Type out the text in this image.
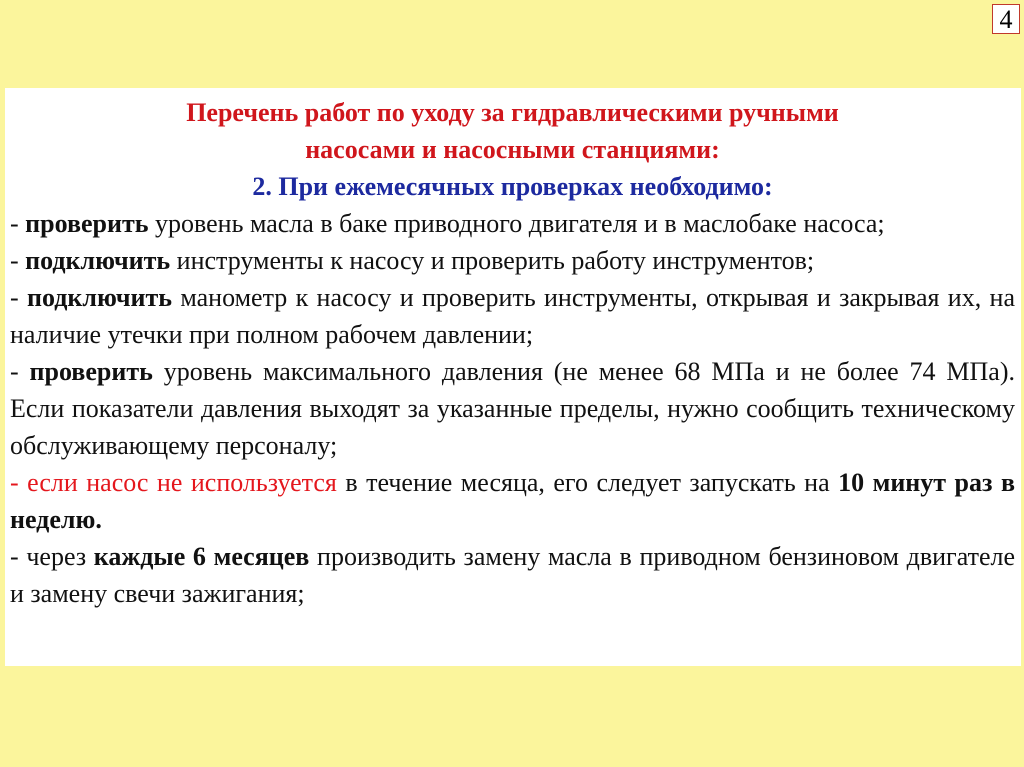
4

Перечень работ по уходу за гидравлическими ручными

насосами и насосными станциями:

2. При ежемесячных проверках необходимо:

- проверить уровень масла в баке приводного двигателя и в маслобаке насоса;

- подключить инструменты к насосу и проверить работу инструментов;

- подключить манометр к насосу и проверить инструменты, открывая и закрывая их, на наличие утечки при полном рабочем давлении;

- проверить уровень максимального давления (не менее 68 МПа и не более 74 МПа). Если показатели давления выходят за указанные пределы, нужно сообщить техническому обслуживающему персоналу;

- если насос не используется в течение месяца, его следует запускать на 10 минут раз в неделю.

- через каждые 6 месяцев производить замену масла в приводном бензиновом двигателе и замену свечи зажигания;
